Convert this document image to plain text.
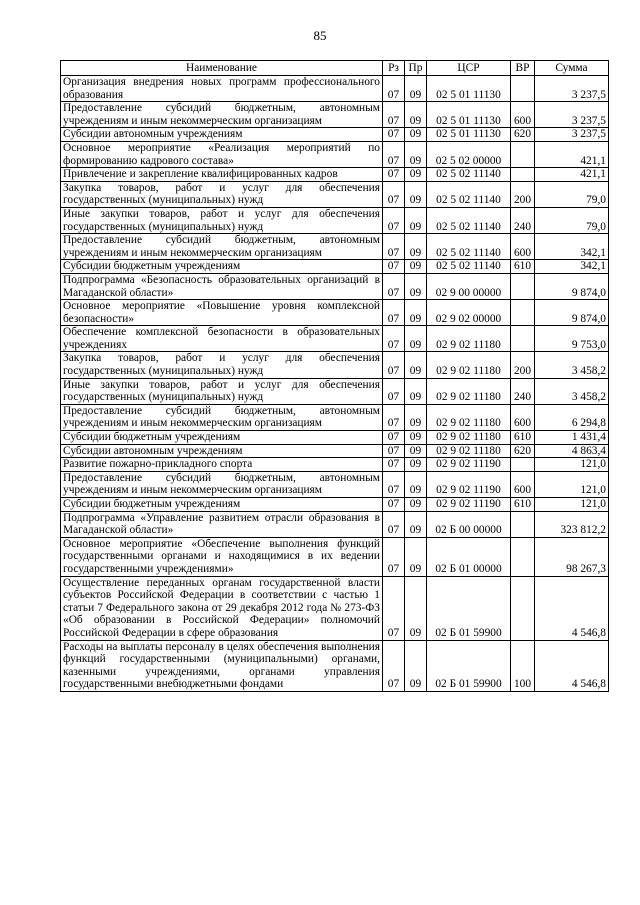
85
Наименование	Рз	Пр	ЦСР	ВР	Сумма
Организация внедрения новых программ профессионального образования	07	09	02 5 01 11130		3 237,5
Предоставление субсидий бюджетным, автономным учреждениям и иным некоммерческим организациям	07	09	02 5 01 11130	600	3 237,5
Субсидии автономным учреждениям	07	09	02 5 01 11130	620	3 237,5
Основное мероприятие «Реализация мероприятий по формированию кадрового состава»	07	09	02 5 02 00000		421,1
Привлечение и закрепление квалифицированных кадров	07	09	02 5 02 11140		421,1
Закупка товаров, работ и услуг для обеспечения государственных (муниципальных) нужд	07	09	02 5 02 11140	200	79,0
Иные закупки товаров, работ и услуг для обеспечения государственных (муниципальных) нужд	07	09	02 5 02 11140	240	79,0
Предоставление субсидий бюджетным, автономным учреждениям и иным некоммерческим организациям	07	09	02 5 02 11140	600	342,1
Субсидии бюджетным учреждениям	07	09	02 5 02 11140	610	342,1
Подпрограмма «Безопасность образовательных организаций в Магаданской области»	07	09	02 9 00 00000		9 874,0
Основное мероприятие «Повышение уровня комплексной безопасности»	07	09	02 9 02 00000		9 874,0
Обеспечение комплексной безопасности в образовательных учреждениях	07	09	02 9 02 11180		9 753,0
Закупка товаров, работ и услуг для обеспечения государственных (муниципальных) нужд	07	09	02 9 02 11180	200	3 458,2
Иные закупки товаров, работ и услуг для обеспечения государственных (муниципальных) нужд	07	09	02 9 02 11180	240	3 458,2
Предоставление субсидий бюджетным, автономным учреждениям и иным некоммерческим организациям	07	09	02 9 02 11180	600	6 294,8
Субсидии бюджетным учреждениям	07	09	02 9 02 11180	610	1 431,4
Субсидии автономным учреждениям	07	09	02 9 02 11180	620	4 863,4
Развитие пожарно-прикладного спорта	07	09	02 9 02 11190		121,0
Предоставление субсидий бюджетным, автономным учреждениям и иным некоммерческим организациям	07	09	02 9 02 11190	600	121,0
Субсидии бюджетным учреждениям	07	09	02 9 02 11190	610	121,0
Подпрограмма «Управление развитием отрасли образования в Магаданской области»	07	09	02 Б 00 00000		323 812,2
Основное мероприятие «Обеспечение выполнения функций государственными органами и находящимися в их ведении государственными учреждениями»	07	09	02 Б 01 00000		98 267,3
Осуществление переданных органам государственной власти субъектов Российской Федерации в соответствии с частью 1 статьи 7 Федерального закона от 29 декабря 2012 года № 273-ФЗ «Об образовании в Российской Федерации» полномочий Российской Федерации в сфере образования	07	09	02 Б 01 59900		4 546,8
Расходы на выплаты персоналу в целях обеспечения выполнения функций государственными (муниципальными) органами, казенными учреждениями, органами управления государственными внебюджетными фондами	07	09	02 Б 01 59900	100	4 546,8
